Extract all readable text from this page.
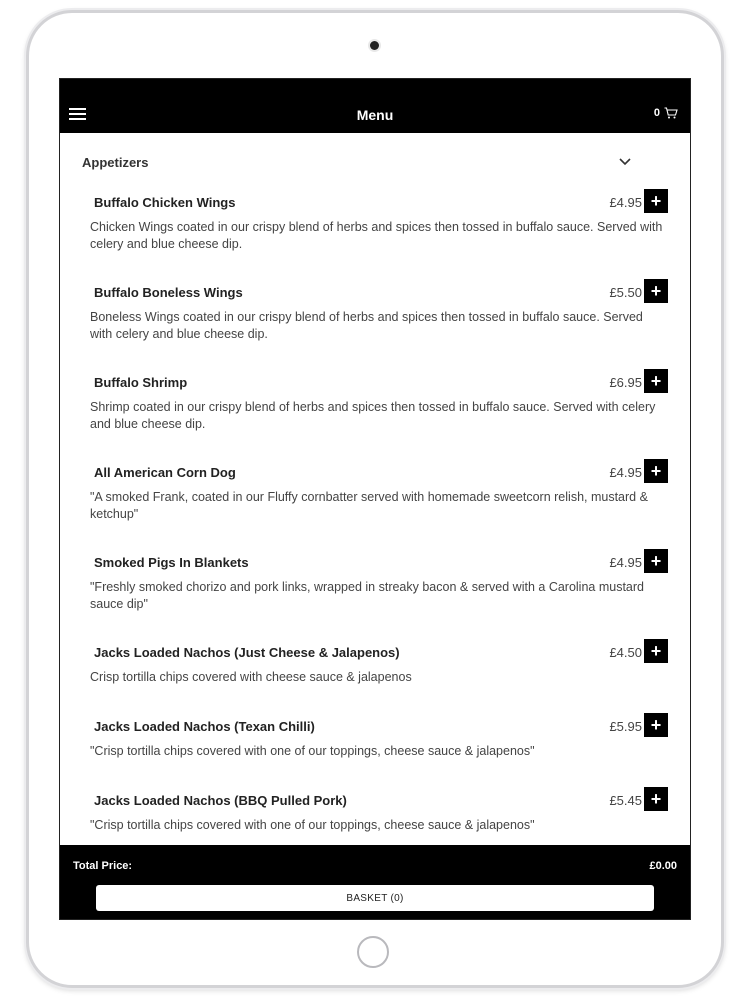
Menu	0
Appetizers
Buffalo Chicken Wings	£4.95 +
Chicken Wings coated in our crispy blend of herbs and spices then tossed in buffalo sauce. Served with celery and blue cheese dip.
Buffalo Boneless Wings	£5.50 +
Boneless Wings coated in our crispy blend of herbs and spices then tossed in buffalo sauce. Served with celery and blue cheese dip.
Buffalo Shrimp	£6.95 +
Shrimp coated in our crispy blend of herbs and spices then tossed in buffalo sauce. Served with celery and blue cheese dip.
All American Corn Dog	£4.95 +
"A smoked Frank, coated in our Fluffy cornbatter served with homemade sweetcorn relish, mustard & ketchup"
Smoked Pigs In Blankets	£4.95 +
"Freshly smoked chorizo and pork links, wrapped in streaky bacon & served with a Carolina mustard sauce dip"
Jacks Loaded Nachos (Just Cheese & Jalapenos)	£4.50 +
Crisp tortilla chips covered with cheese sauce & jalapenos
Jacks Loaded Nachos (Texan Chilli)	£5.95 +
"Crisp tortilla chips covered with one of our toppings, cheese sauce & jalapenos"
Jacks Loaded Nachos (BBQ Pulled Pork)	£5.45 +
"Crisp tortilla chips covered with one of our toppings, cheese sauce & jalapenos"
Total Price:	£0.00
BASKET (0)
